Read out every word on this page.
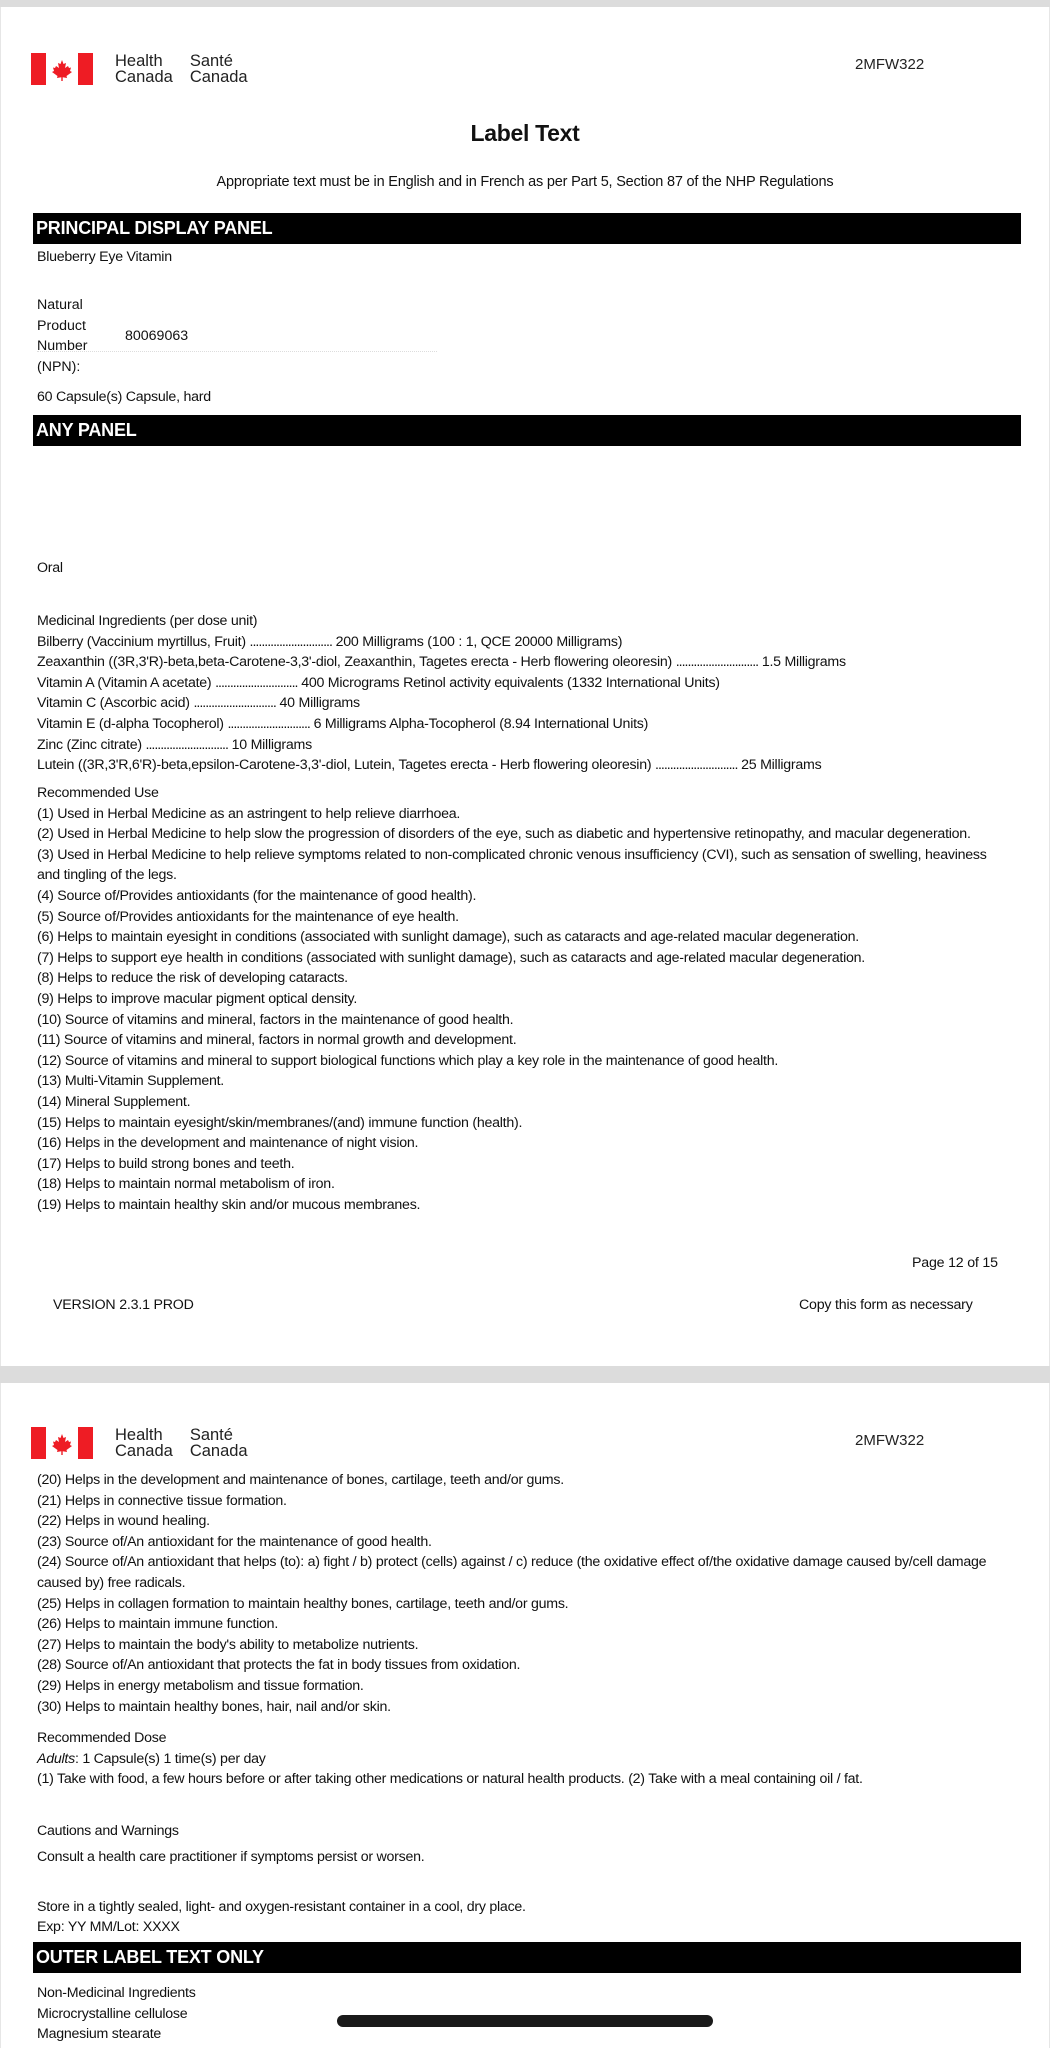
Health
Canada
Santé
Canada
2MFW322
Label Text
Appropriate text must be in English and in French as per Part 5, Section 87 of the NHP Regulations
PRINCIPAL DISPLAY PANEL
Blueberry Eye Vitamin
Natural
Product
Number
(NPN):
80069063
60 Capsule(s) Capsule, hard
ANY PANEL
Oral
Medicinal Ingredients (per dose unit)
Bilberry (Vaccinium myrtillus, Fruit) ............................ 200 Milligrams (100 : 1, QCE 20000 Milligrams)
Zeaxanthin ((3R,3'R)-beta,beta-Carotene-3,3'-diol, Zeaxanthin, Tagetes erecta - Herb flowering oleoresin) ............................ 1.5 Milligrams
Vitamin A (Vitamin A acetate) ............................ 400 Micrograms Retinol activity equivalents (1332 International Units)
Vitamin C (Ascorbic acid) ............................ 40 Milligrams
Vitamin E (d-alpha Tocopherol) ............................ 6 Milligrams Alpha-Tocopherol (8.94 International Units)
Zinc (Zinc citrate) ............................ 10 Milligrams
Lutein ((3R,3'R,6'R)-beta,epsilon-Carotene-3,3'-diol, Lutein, Tagetes erecta - Herb flowering oleoresin) ............................ 25 Milligrams
Recommended Use
(1) Used in Herbal Medicine as an astringent to help relieve diarrhoea.
(2) Used in Herbal Medicine to help slow the progression of disorders of the eye, such as diabetic and hypertensive retinopathy, and macular degeneration.
(3) Used in Herbal Medicine to help relieve symptoms related to non-complicated chronic venous insufficiency (CVI), such as sensation of swelling, heaviness and tingling of the legs.
(4) Source of/Provides antioxidants (for the maintenance of good health).
(5) Source of/Provides antioxidants for the maintenance of eye health.
(6) Helps to maintain eyesight in conditions (associated with sunlight damage), such as cataracts and age-related macular degeneration.
(7) Helps to support eye health in conditions (associated with sunlight damage), such as cataracts and age-related macular degeneration.
(8) Helps to reduce the risk of developing cataracts.
(9) Helps to improve macular pigment optical density.
(10) Source of vitamins and mineral, factors in the maintenance of good health.
(11) Source of vitamins and mineral, factors in normal growth and development.
(12) Source of vitamins and mineral to support biological functions which play a key role in the maintenance of good health.
(13) Multi-Vitamin Supplement.
(14) Mineral Supplement.
(15) Helps to maintain eyesight/skin/membranes/(and) immune function (health).
(16) Helps in the development and maintenance of night vision.
(17) Helps to build strong bones and teeth.
(18) Helps to maintain normal metabolism of iron.
(19) Helps to maintain healthy skin and/or mucous membranes.
Page 12 of 15
VERSION 2.3.1 PROD	Copy this form as necessary
Health
Canada
Santé
Canada
2MFW322
(20) Helps in the development and maintenance of bones, cartilage, teeth and/or gums.
(21) Helps in connective tissue formation.
(22) Helps in wound healing.
(23) Source of/An antioxidant for the maintenance of good health.
(24) Source of/An antioxidant that helps (to): a) fight / b) protect (cells) against / c) reduce (the oxidative effect of/the oxidative damage caused by/cell damage caused by) free radicals.
(25) Helps in collagen formation to maintain healthy bones, cartilage, teeth and/or gums.
(26) Helps to maintain immune function.
(27) Helps to maintain the body's ability to metabolize nutrients.
(28) Source of/An antioxidant that protects the fat in body tissues from oxidation.
(29) Helps in energy metabolism and tissue formation.
(30) Helps to maintain healthy bones, hair, nail and/or skin.
Recommended Dose
Adults: 1 Capsule(s) 1 time(s) per day
(1) Take with food, a few hours before or after taking other medications or natural health products. (2) Take with a meal containing oil / fat.
Cautions and Warnings
Consult a health care practitioner if symptoms persist or worsen.
Store in a tightly sealed, light- and oxygen-resistant container in a cool, dry place.
Exp: YY MM/Lot: XXXX
OUTER LABEL TEXT ONLY
Non-Medicinal Ingredients
Microcrystalline cellulose
Magnesium stearate
